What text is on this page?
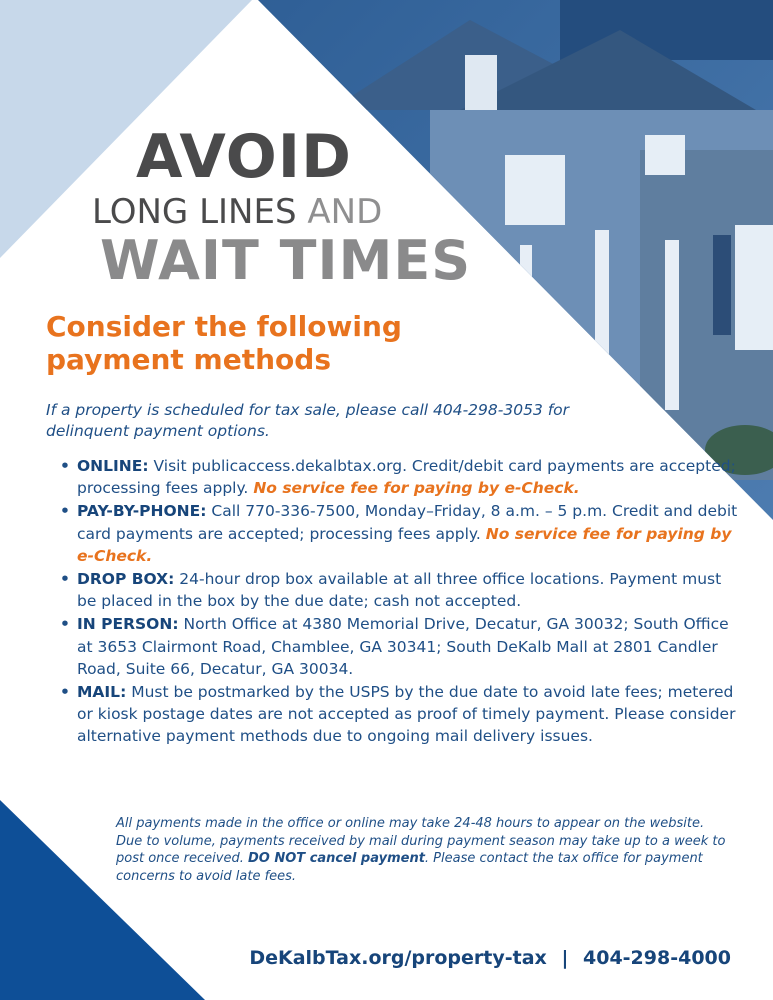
AVOID
LONG LINES AND
WAIT TIMES
Consider the following payment methods

If a property is scheduled for tax sale, please call 404-298-3053 for delinquent payment options.

• ONLINE: Visit publicaccess.dekalbtax.org. Credit/debit card payments are accepted; processing fees apply. No service fee for paying by e-Check.
• PAY-BY-PHONE: Call 770-336-7500, Monday–Friday, 8 a.m. – 5 p.m. Credit and debit card payments are accepted; processing fees apply. No service fee for paying by e-Check.
• DROP BOX: 24-hour drop box available at all three office locations. Payment must be placed in the box by the due date; cash not accepted.
• IN PERSON: North Office at 4380 Memorial Drive, Decatur, GA 30032; South Office at 3653 Clairmont Road, Chamblee, GA 30341; South DeKalb Mall at 2801 Candler Road, Suite 66, Decatur, GA 30034.
• MAIL: Must be postmarked by the USPS by the due date to avoid late fees; metered or kiosk postage dates are not accepted as proof of timely payment. Please consider alternative payment methods due to ongoing mail delivery issues.

All payments made in the office or online may take 24-48 hours to appear on the website. Due to volume, payments received by mail during payment season may take up to a week to post once received. DO NOT cancel payment. Please contact the tax office for payment concerns to avoid late fees.

DeKalbTax.org/property-tax | 404-298-4000
